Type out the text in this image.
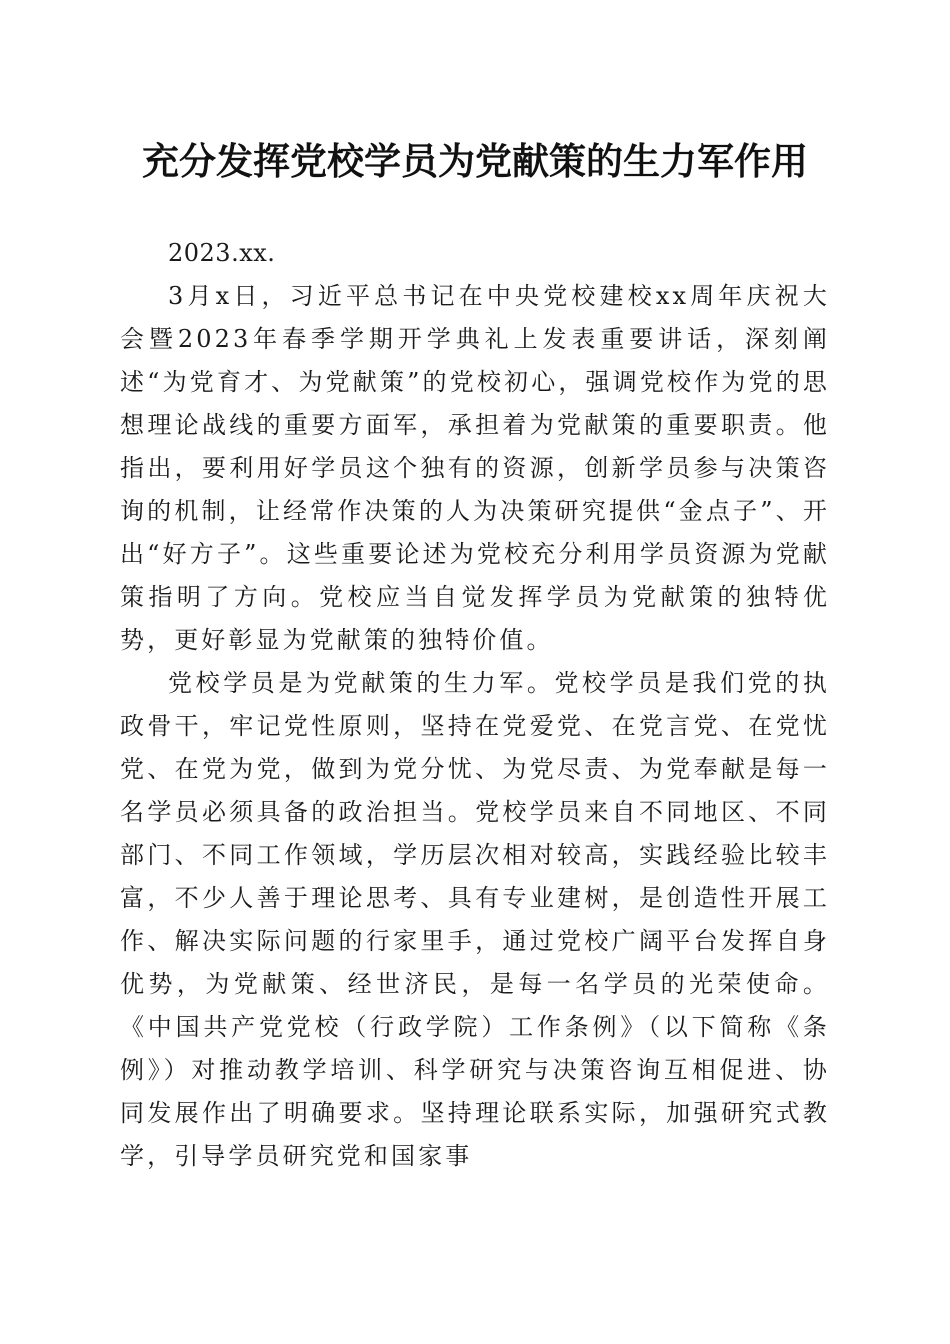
充分发挥党校学员为党献策的生力军作用

2023.xx.

3月x日，习近平总书记在中央党校建校xx周年庆祝大会暨2023年春季学期开学典礼上发表重要讲话，深刻阐述“为党育才、为党献策”的党校初心，强调党校作为党的思想理论战线的重要方面军，承担着为党献策的重要职责。他指出，要利用好学员这个独有的资源，创新学员参与决策咨询的机制，让经常作决策的人为决策研究提供“金点子”、开出“好方子”。这些重要论述为党校充分利用学员资源为党献策指明了方向。党校应当自觉发挥学员为党献策的独特优势，更好彰显为党献策的独特价值。

党校学员是为党献策的生力军。党校学员是我们党的执政骨干，牢记党性原则，坚持在党爱党、在党言党、在党忧党、在党为党，做到为党分忧、为党尽责、为党奉献是每一名学员必须具备的政治担当。党校学员来自不同地区、不同部门、不同工作领域，学历层次相对较高，实践经验比较丰富，不少人善于理论思考、具有专业建树，是创造性开展工作、解决实际问题的行家里手，通过党校广阔平台发挥自身优势，为党献策、经世济民，是每一名学员的光荣使命。《中国共产党党校（行政学院）工作条例》（以下简称《条例》）对推动教学培训、科学研究与决策咨询互相促进、协同发展作出了明确要求。坚持理论联系实际，加强研究式教学，引导学员研究党和国家事
